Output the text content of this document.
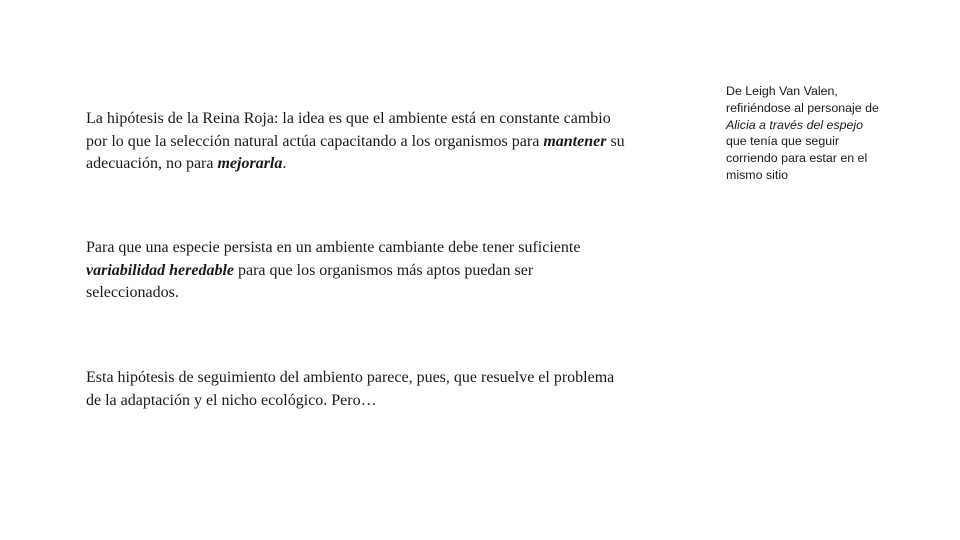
La hipótesis de la Reina Roja: la idea es que el ambiente está en constante cambio por lo que la selección natural actúa capacitando a los organismos para mantener su adecuación, no para mejorarla.

Para que una especie persista en un ambiente cambiante debe tener suficiente variabilidad heredable para que los organismos más aptos puedan ser seleccionados.

Esta hipótesis de seguimiento del ambiento parece, pues, que resuelve el problema de la adaptación y el nicho ecológico. Pero…

De Leigh Van Valen, refiriéndose al personaje de Alicia a través del espejo que tenía que seguir corriendo para estar en el mismo sitio
